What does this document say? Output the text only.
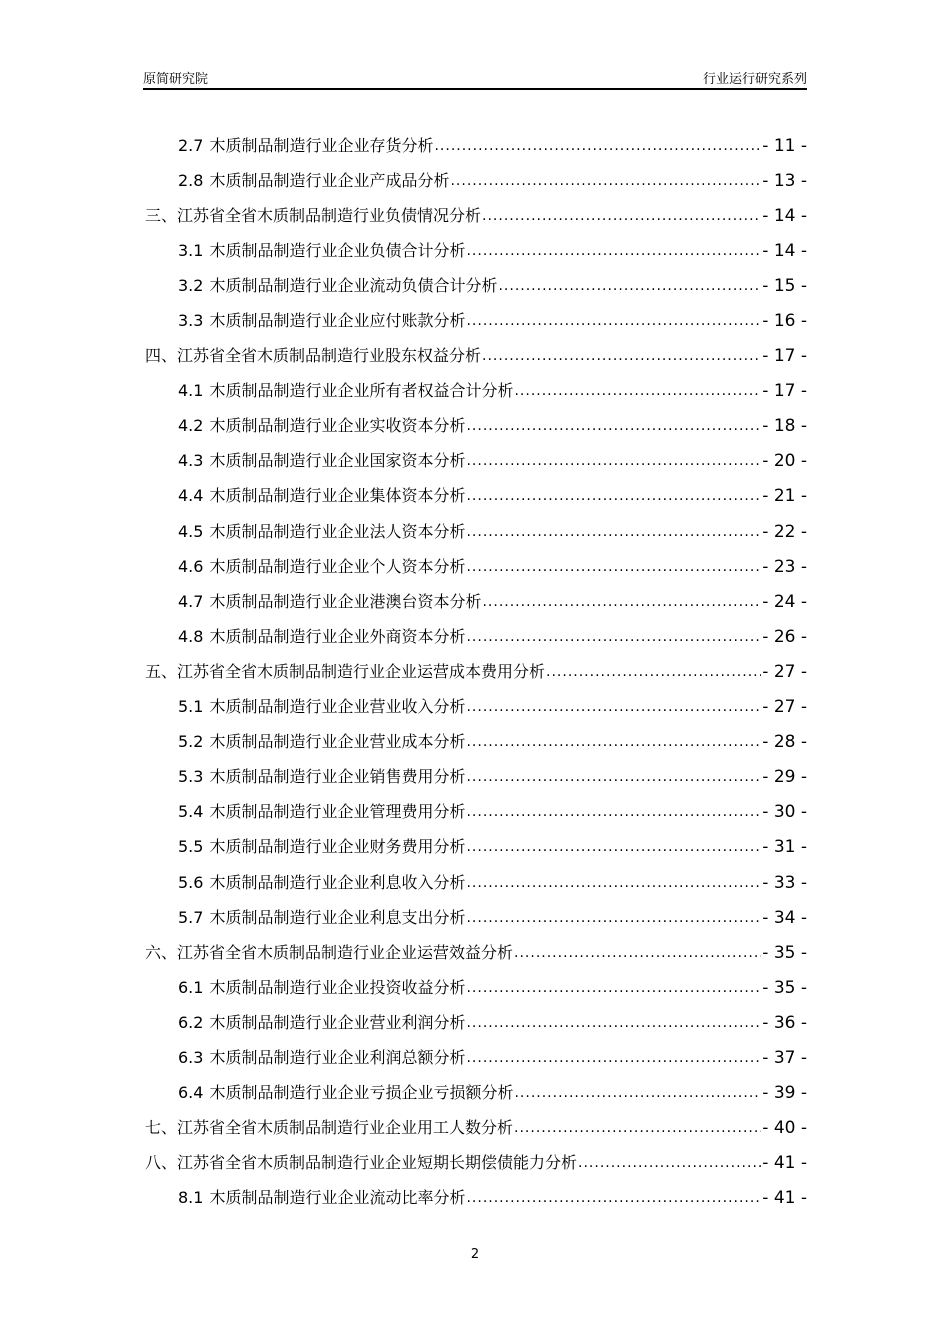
原简研究院	行业运行研究系列
2.7 木质制品制造行业企业存货分析 .....	- 11 -
2.8 木质制品制造行业企业产成品分析 .....	- 13 -
三、江苏省全省木质制品制造行业负债情况分析 .....	- 14 -
3.1 木质制品制造行业企业负债合计分析 .....	- 14 -
3.2 木质制品制造行业企业流动负债合计分析 .....	- 15 -
3.3 木质制品制造行业企业应付账款分析 .....	- 16 -
四、江苏省全省木质制品制造行业股东权益分析 .....	- 17 -
4.1 木质制品制造行业企业所有者权益合计分析 .....	- 17 -
4.2 木质制品制造行业企业实收资本分析 .....	- 18 -
4.3 木质制品制造行业企业国家资本分析 .....	- 20 -
4.4 木质制品制造行业企业集体资本分析 .....	- 21 -
4.5 木质制品制造行业企业法人资本分析 .....	- 22 -
4.6 木质制品制造行业企业个人资本分析 .....	- 23 -
4.7 木质制品制造行业企业港澳台资本分析 .....	- 24 -
4.8 木质制品制造行业企业外商资本分析 .....	- 26 -
五、江苏省全省木质制品制造行业企业运营成本费用分析 .....	- 27 -
5.1 木质制品制造行业企业营业收入分析 .....	- 27 -
5.2 木质制品制造行业企业营业成本分析 .....	- 28 -
5.3 木质制品制造行业企业销售费用分析 .....	- 29 -
5.4 木质制品制造行业企业管理费用分析 .....	- 30 -
5.5 木质制品制造行业企业财务费用分析 .....	- 31 -
5.6 木质制品制造行业企业利息收入分析 .....	- 33 -
5.7 木质制品制造行业企业利息支出分析 .....	- 34 -
六、江苏省全省木质制品制造行业企业运营效益分析 .....	- 35 -
6.1 木质制品制造行业企业投资收益分析 .....	- 35 -
6.2 木质制品制造行业企业营业利润分析 .....	- 36 -
6.3 木质制品制造行业企业利润总额分析 .....	- 37 -
6.4 木质制品制造行业企业亏损企业亏损额分析 .....	- 39 -
七、江苏省全省木质制品制造行业企业用工人数分析 .....	- 40 -
八、江苏省全省木质制品制造行业企业短期长期偿债能力分析 .....	- 41 -
8.1 木质制品制造行业企业流动比率分析 .....	- 41 -
2
